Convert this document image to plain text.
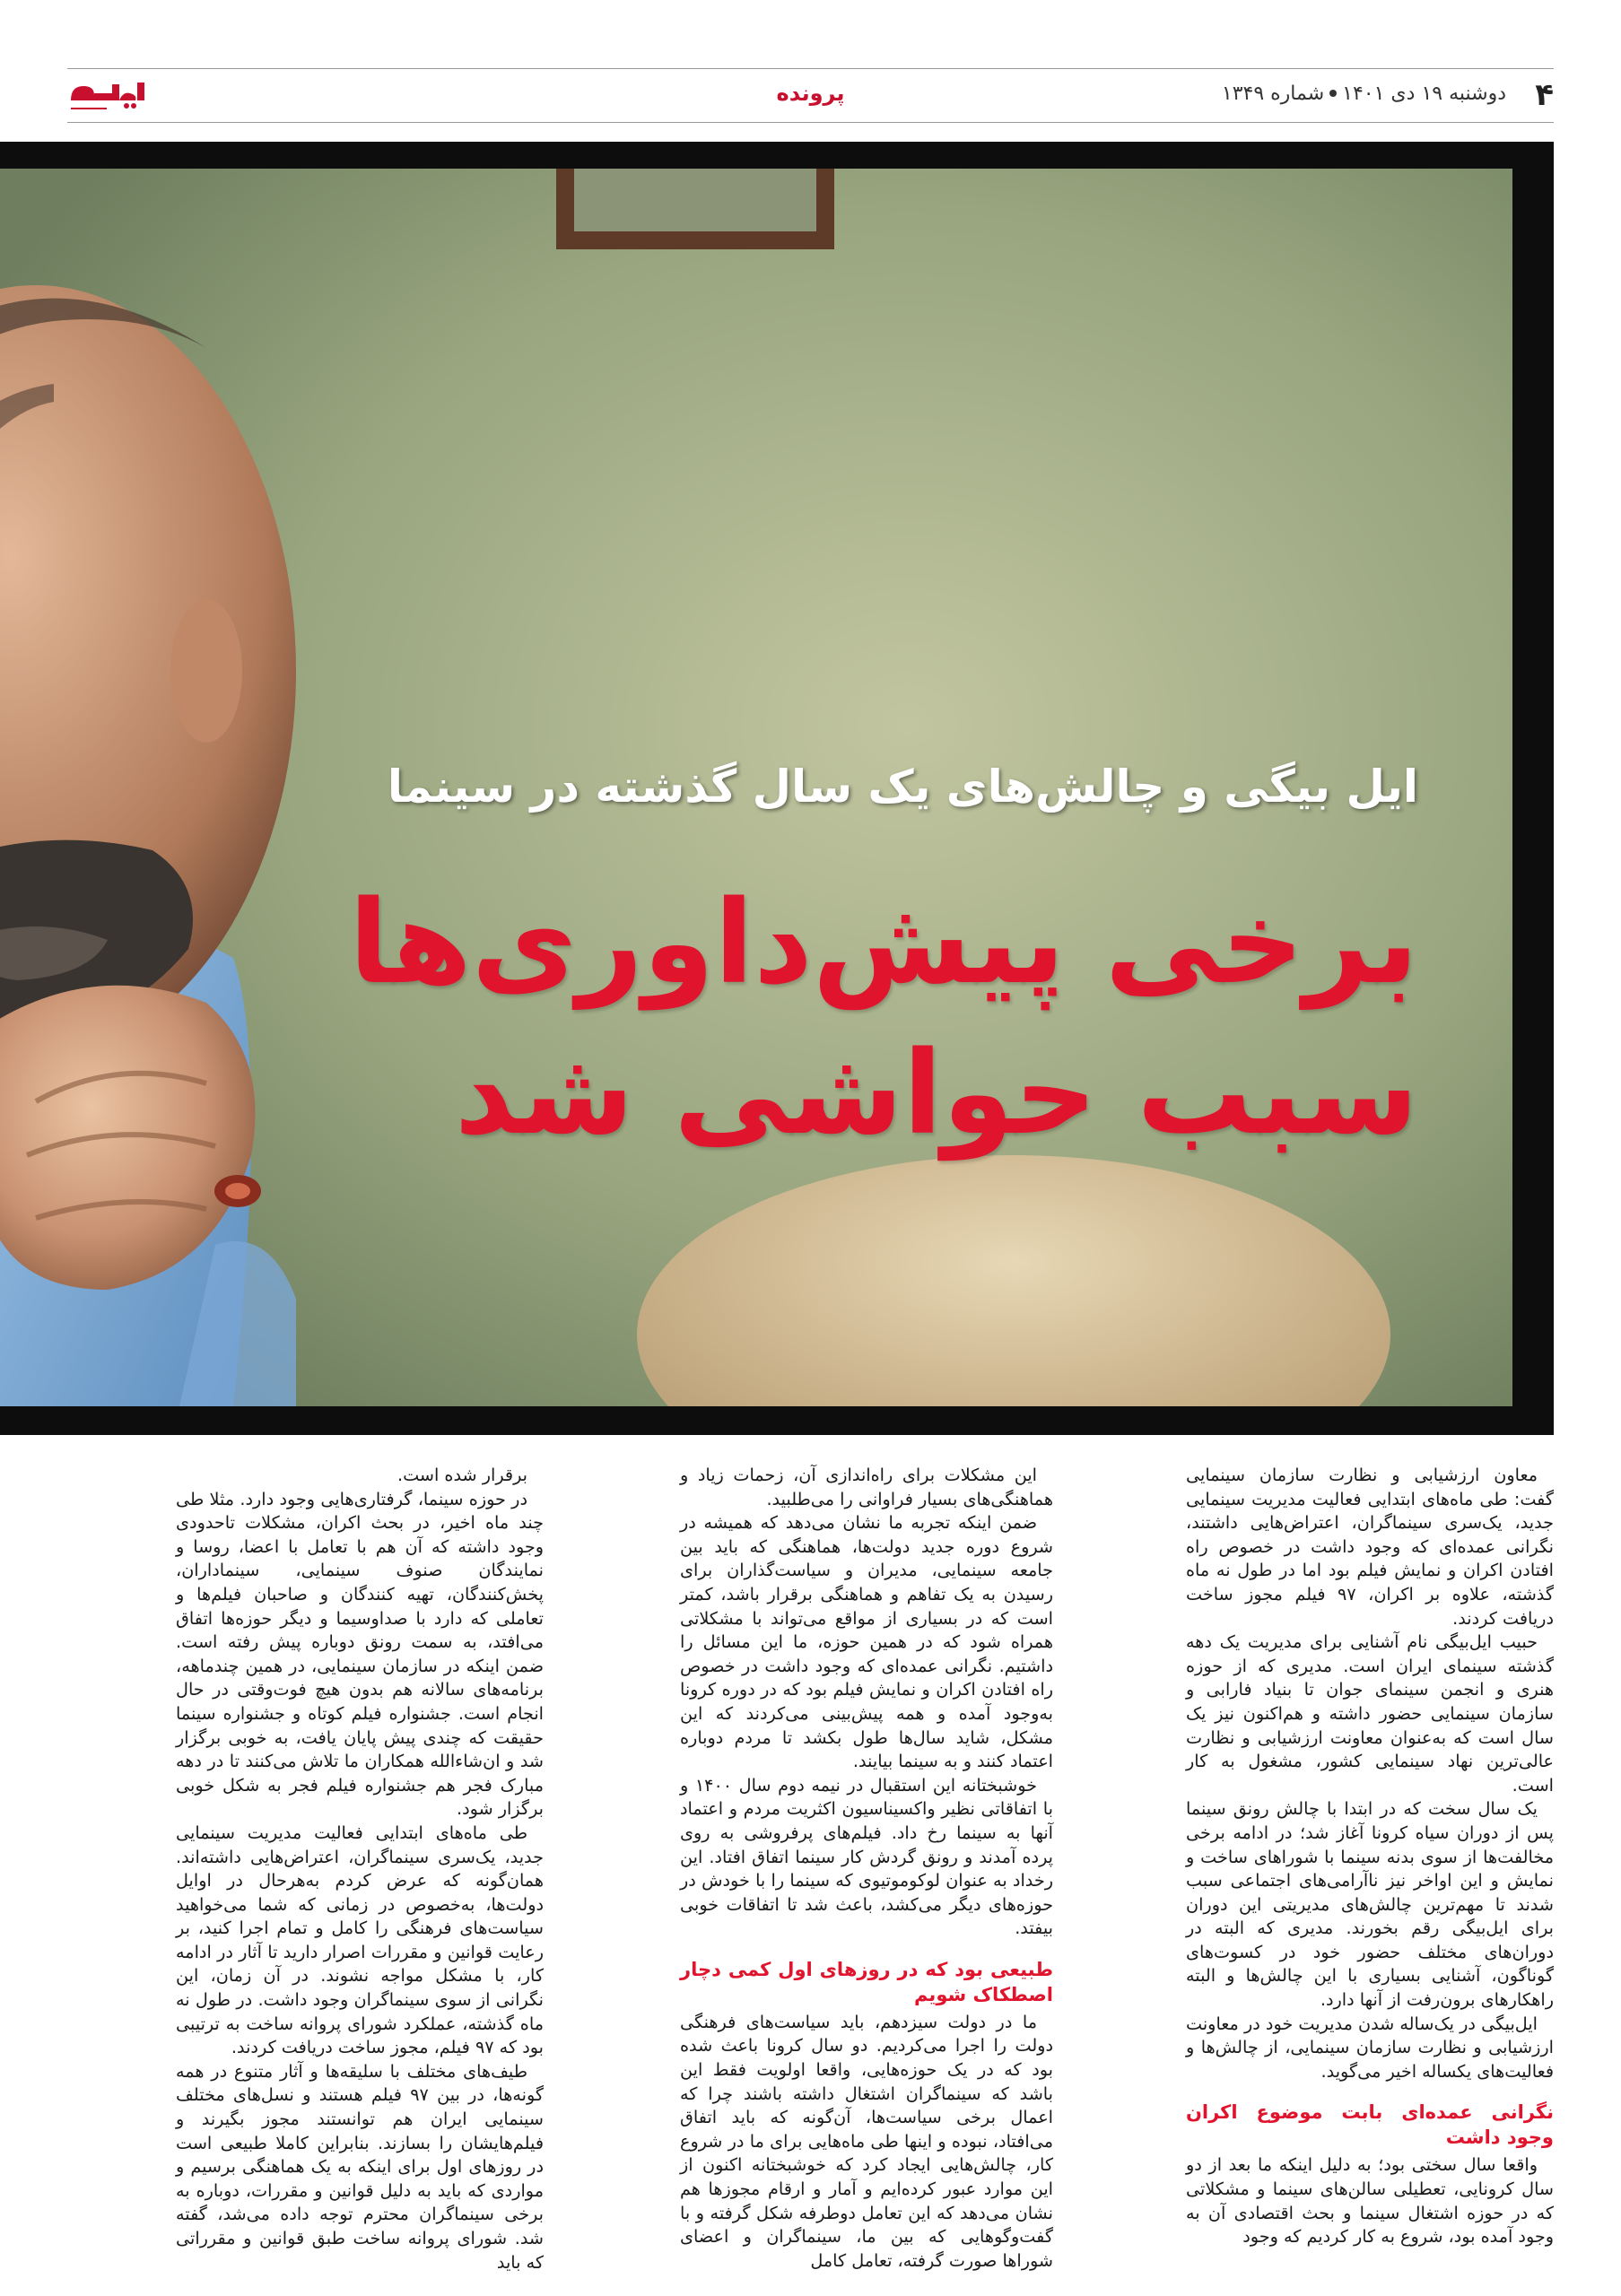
۴
دوشنبه ۱۹ دی ۱۴۰۱شماره ۱۳۴۹
پرونده
ایل بیگی و چالش‌های یک سال گذشته در سینما
برخی پیش‌داوری‌ها
سبب حواشی شد

معاون ارزشیابی و نظارت سازمان سینمایی گفت: طی ماه‌های ابتدایی فعالیت مدیریت سینمایی جدید، یک‌سری سینماگران، اعتراض‌هایی داشتند، نگرانی عمده‌ای که وجود داشت در خصوص راه افتادن اکران و نمایش فیلم بود اما در طول نه ماه گذشته، علاوه بر اکران، ۹۷ فیلم مجوز ساخت دریافت کردند.

حبیب ایل‌بیگی نام آشنایی برای مدیریت یک دهه گذشته سینمای ایران است. مدیری که از حوزه هنری و انجمن سینمای جوان تا بنیاد فارابی و سازمان سینمایی حضور داشته و هم‌اکنون نیز یک سال است که به‌عنوان معاونت ارزشیابی و نظارت عالی‌ترین نهاد سینمایی کشور، مشغول به کار است.

یک سال سخت که در ابتدا با چالش رونق سینما پس از دوران سیاه کرونا آغاز شد؛ در ادامه برخی مخالفت‌ها از سوی بدنه سینما با شوراهای ساخت و نمایش و این اواخر نیز ناآرامی‌های اجتماعی سبب شدند تا مهم‌ترین چالش‌های مدیریتی این دوران برای ایل‌بیگی رقم بخورند. مدیری که البته در دوران‌های مختلف حضور خود در کسوت‌های گوناگون، آشنایی بسیاری با این چالش‌ها و البته راهکارهای برون‌رفت از آنها دارد.

ایل‌بیگی در یک‌ساله شدن مدیریت خود در معاونت ارزشیابی و نظارت سازمان سینمایی، از چالش‌ها و فعالیت‌های یکساله اخیر می‌گوید.

نگرانی عمده‌ای بابت موضوع اکران وجود داشت

واقعا سال سختی بود؛ به دلیل اینکه ما بعد از دو سال کرونایی، تعطیلی سالن‌های سینما و مشکلاتی که در حوزه اشتغال سینما و بحث اقتصادی آن به وجود آمده بود، شروع به کار کردیم که وجود

این مشکلات برای راه‌اندازی آن، زحمات زیاد و هماهنگی‌های بسیار فراوانی را می‌طلبید.

ضمن اینکه تجربه ما نشان می‌دهد که همیشه در شروع دوره جدید دولت‌ها، هماهنگی که باید بین جامعه سینمایی، مدیران و سیاست‌گذاران برای رسیدن به یک تفاهم و هماهنگی برقرار باشد، کمتر است که در بسیاری از مواقع می‌تواند با مشکلاتی همراه شود که در همین حوزه، ما این مسائل را داشتیم. نگرانی عمده‌ای که وجود داشت در خصوص راه افتادن اکران و نمایش فیلم بود که در دوره کرونا به‌وجود آمده و همه پیش‌بینی می‌کردند که این مشکل، شاید سال‌ها طول بکشد تا مردم دوباره اعتماد کنند و به سینما بیایند.

خوشبختانه این استقبال در نیمه دوم سال ۱۴۰۰ و با اتفاقاتی نظیر واکسیناسیون اکثریت مردم و اعتماد آنها به سینما رخ داد. فیلم‌های پرفروشی به روی پرده آمدند و رونق گردش کار سینما اتفاق افتاد. این رخداد به عنوان لوکوموتیوی که سینما را با خودش در حوزه‌های دیگر می‌کشد، باعث شد تا اتفاقات خوبی بیفتد.

طبیعی بود که در روزهای اول کمی دچار اصطکاک شویم

ما در دولت سیزدهم، باید سیاست‌های فرهنگی دولت را اجرا می‌کردیم. دو سال کرونا باعث شده بود که در یک حوزه‌هایی، واقعا اولویت فقط این باشد که سینماگران اشتغال داشته باشند چرا که اعمال برخی سیاست‌ها، آن‌گونه که باید اتفاق می‌افتاد، نبوده و اینها طی ماه‌هایی برای ما در شروع کار، چالش‌هایی ایجاد کرد که خوشبختانه اکنون از این موارد عبور کرده‌ایم و آمار و ارقام مجوزها هم نشان می‌دهد که این تعامل دوطرفه شکل گرفته و با گفت‌وگوهایی که بین ما، سینماگران و اعضای شوراها صورت گرفته، تعامل کامل

برقرار شده است.

در حوزه سینما، گرفتاری‌هایی وجود دارد. مثلا طی چند ماه اخیر، در بحث اکران، مشکلات تاحدودی وجود داشته که آن هم با تعامل با اعضا، روسا و نمایندگان صنوف سینمایی، سینماداران، پخش‌کنندگان، تهیه کنندگان و صاحبان فیلم‌ها و تعاملی که دارد با صداوسیما و دیگر حوزه‌ها اتفاق می‌افتد، به سمت رونق دوباره پیش رفته است. ضمن اینکه در سازمان سینمایی، در همین چندماهه، برنامه‌های سالانه هم بدون هیچ فوت‌وقتی در حال انجام است. جشنواره فیلم کوتاه و جشنواره سینما حقیقت که چندی پیش پایان یافت، به خوبی برگزار شد و ان‌شاءالله همکاران ما تلاش می‌کنند تا در دهه مبارک فجر هم جشنواره فیلم فجر به شکل خوبی برگزار شود.

طی ماه‌های ابتدایی فعالیت مدیریت سینمایی جدید، یک‌سری سینماگران، اعتراض‌هایی داشته‌اند. همان‌گونه که عرض کردم به‌هرحال در اوایل دولت‌ها، به‌خصوص در زمانی که شما می‌خواهید سیاست‌های فرهنگی را کامل و تمام اجرا کنید، بر رعایت قوانین و مقررات اصرار دارید تا آثار در ادامه کار، با مشکل مواجه نشوند. در آن زمان، این نگرانی از سوی سینماگران وجود داشت. در طول نه ماه گذشته، عملکرد شورای پروانه ساخت به ترتیبی بود که ۹۷ فیلم، مجوز ساخت دریافت کردند.

طیف‌های مختلف با سلیقه‌ها و آثار متنوع در همه گونه‌ها، در بین ۹۷ فیلم هستند و نسل‌های مختلف سینمایی ایران هم توانستند مجوز بگیرند و فیلم‌هایشان را بسازند. بنابراین کاملا طبیعی است در روزهای اول برای اینکه به یک هماهنگی برسیم و مواردی که باید به دلیل قوانین و مقررات، دوباره به برخی سینماگران محترم توجه داده می‌شد، گفته شد. شورای پروانه ساخت طبق قوانین و مقرراتی که باید
